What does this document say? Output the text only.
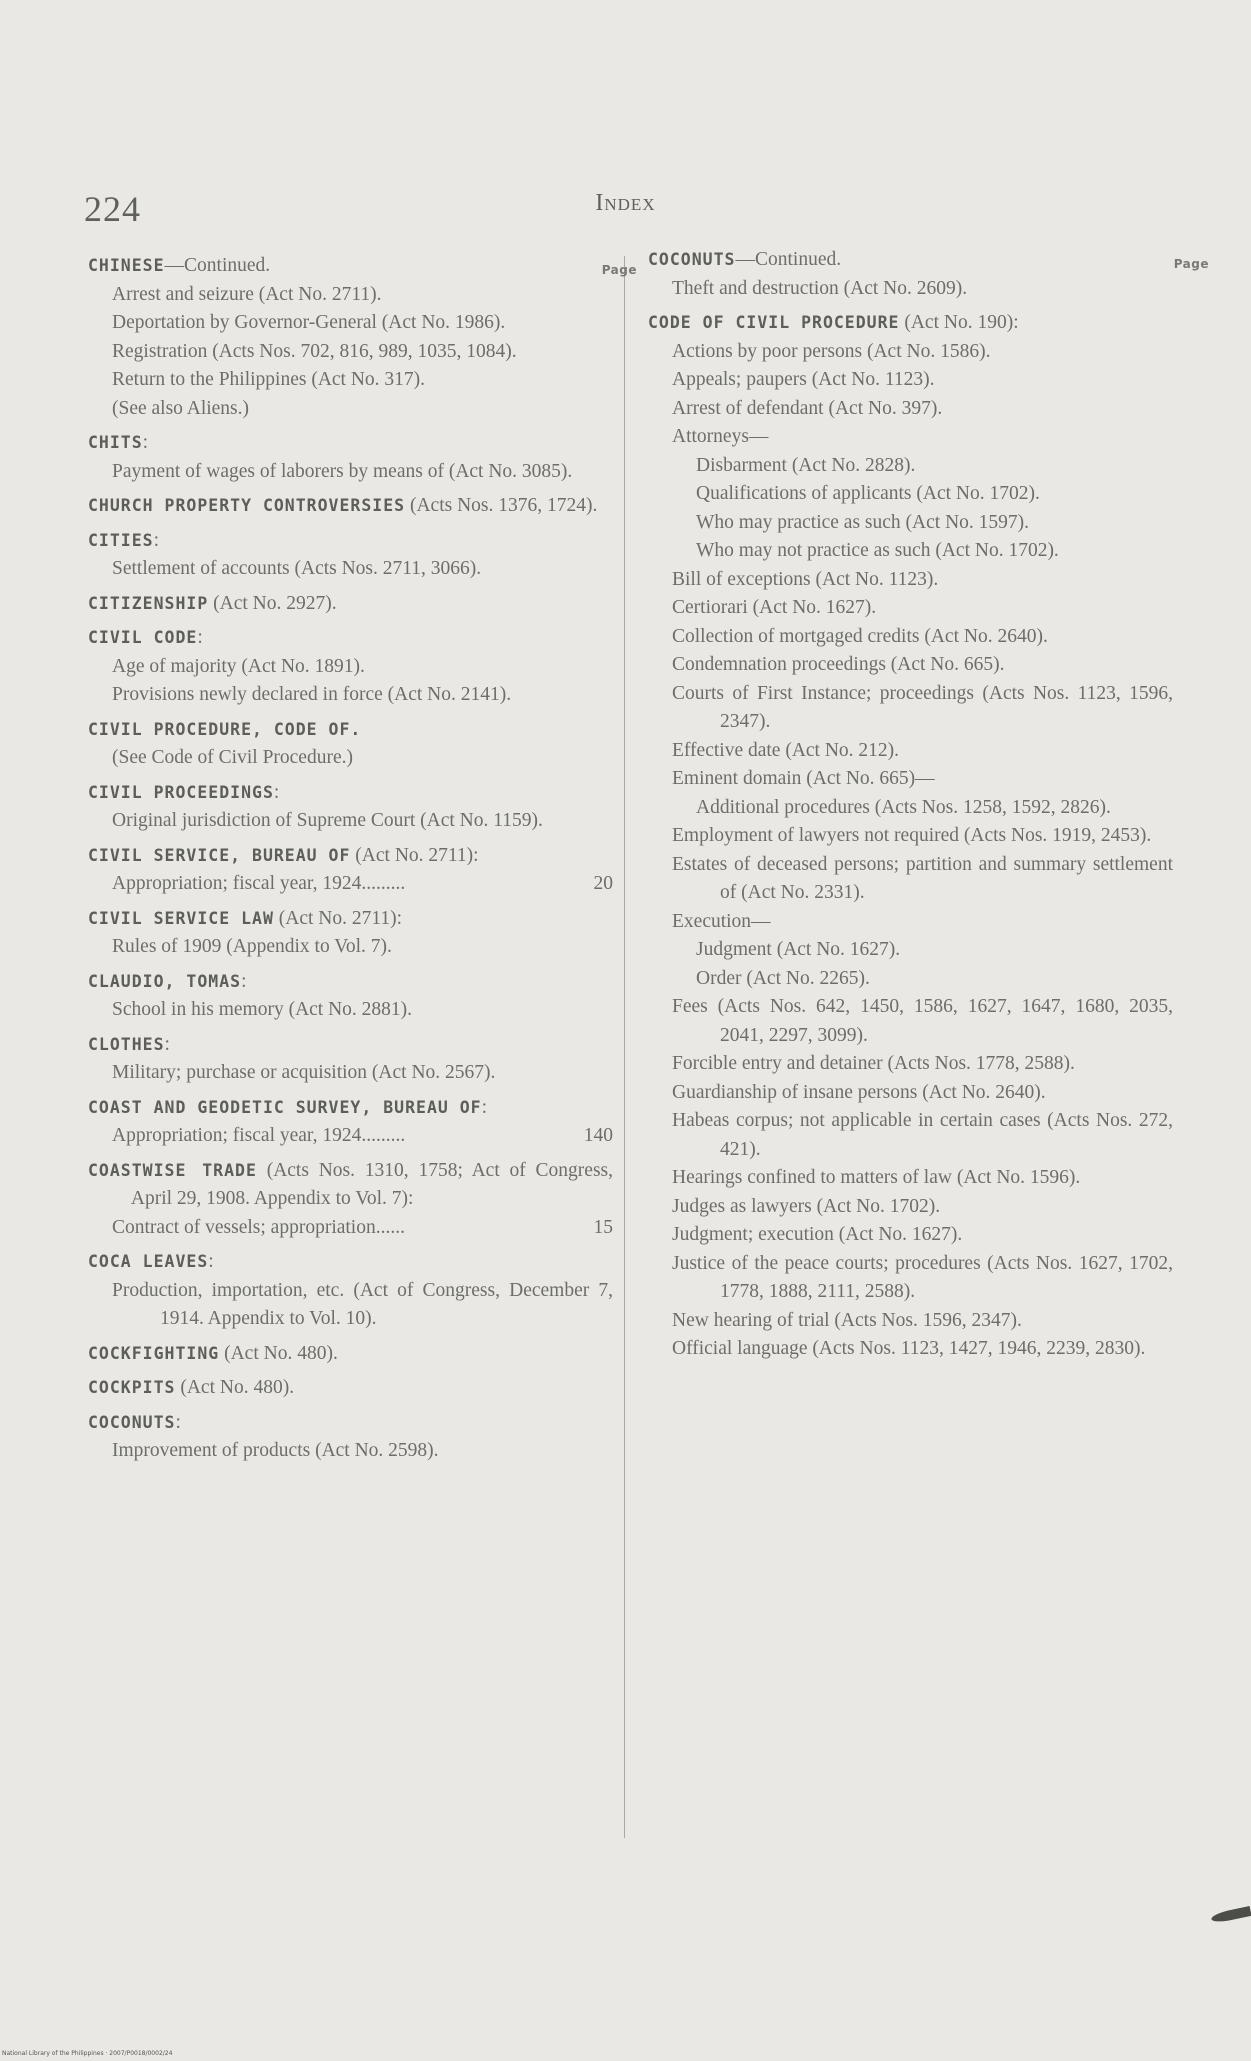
224	Index
Page

CHINESE—Continued.

Arrest and seizure (Act No. 2711).

Deportation by Governor-General (Act No. 1986).

Registration (Acts Nos. 702, 816, 989, 1035, 1084).

Return to the Philippines (Act No. 317).

(See also Aliens.)

CHITS:

Payment of wages of laborers by means of (Act No. 3085).

CHURCH PROPERTY CONTROVERSIES (Acts Nos. 1376, 1724).

CITIES:

Settlement of accounts (Acts Nos. 2711, 3066).

CITIZENSHIP (Act No. 2927).

CIVIL CODE:

Age of majority (Act No. 1891).

Provisions newly declared in force (Act No. 2141).

CIVIL PROCEDURE, CODE OF.

(See Code of Civil Procedure.)

CIVIL PROCEEDINGS:

Original jurisdiction of Supreme Court (Act No. 1159).

CIVIL SERVICE, BUREAU OF (Act No. 2711):

Appropriation; fiscal year, 1924.........	20

CIVIL SERVICE LAW (Act No. 2711):

Rules of 1909 (Appendix to Vol. 7).

CLAUDIO, TOMAS:

School in his memory (Act No. 2881).

CLOTHES:

Military; purchase or acquisition (Act No. 2567).

COAST AND GEODETIC SURVEY, BUREAU OF:

Appropriation; fiscal year, 1924.........	140

COASTWISE TRADE (Acts Nos. 1310, 1758; Act of Congress, April 29, 1908. Appendix to Vol. 7):

Contract of vessels; appropriation......	15

COCA LEAVES:

Production, importation, etc. (Act of Congress, December 7, 1914. Appendix to Vol. 10).

COCKFIGHTING (Act No. 480).

COCKPITS (Act No. 480).

COCONUTS:

Improvement of products (Act No. 2598).

Page

COCONUTS—Continued.

Theft and destruction (Act No. 2609).

CODE OF CIVIL PROCEDURE (Act No. 190):

Actions by poor persons (Act No. 1586).

Appeals; paupers (Act No. 1123).

Arrest of defendant (Act No. 397).

Attorneys—

Disbarment (Act No. 2828).

Qualifications of applicants (Act No. 1702).

Who may practice as such (Act No. 1597).

Who may not practice as such (Act No. 1702).

Bill of exceptions (Act No. 1123).

Certiorari (Act No. 1627).

Collection of mortgaged credits (Act No. 2640).

Condemnation proceedings (Act No. 665).

Courts of First Instance; proceedings (Acts Nos. 1123, 1596, 2347).

Effective date (Act No. 212).

Eminent domain (Act No. 665)—

Additional procedures (Acts Nos. 1258, 1592, 2826).

Employment of lawyers not required (Acts Nos. 1919, 2453).

Estates of deceased persons; partition and summary settlement of (Act No. 2331).

Execution—

Judgment (Act No. 1627).

Order (Act No. 2265).

Fees (Acts Nos. 642, 1450, 1586, 1627, 1647, 1680, 2035, 2041, 2297, 3099).

Forcible entry and detainer (Acts Nos. 1778, 2588).

Guardianship of insane persons (Act No. 2640).

Habeas corpus; not applicable in certain cases (Acts Nos. 272, 421).

Hearings confined to matters of law (Act No. 1596).

Judges as lawyers (Act No. 1702).

Judgment; execution (Act No. 1627).

Justice of the peace courts; procedures (Acts Nos. 1627, 1702, 1778, 1888, 2111, 2588).

New hearing of trial (Acts Nos. 1596, 2347).

Official language (Acts Nos. 1123, 1427, 1946, 2239, 2830).

National Library of the Philippines · 2007/P0018/0002/24
